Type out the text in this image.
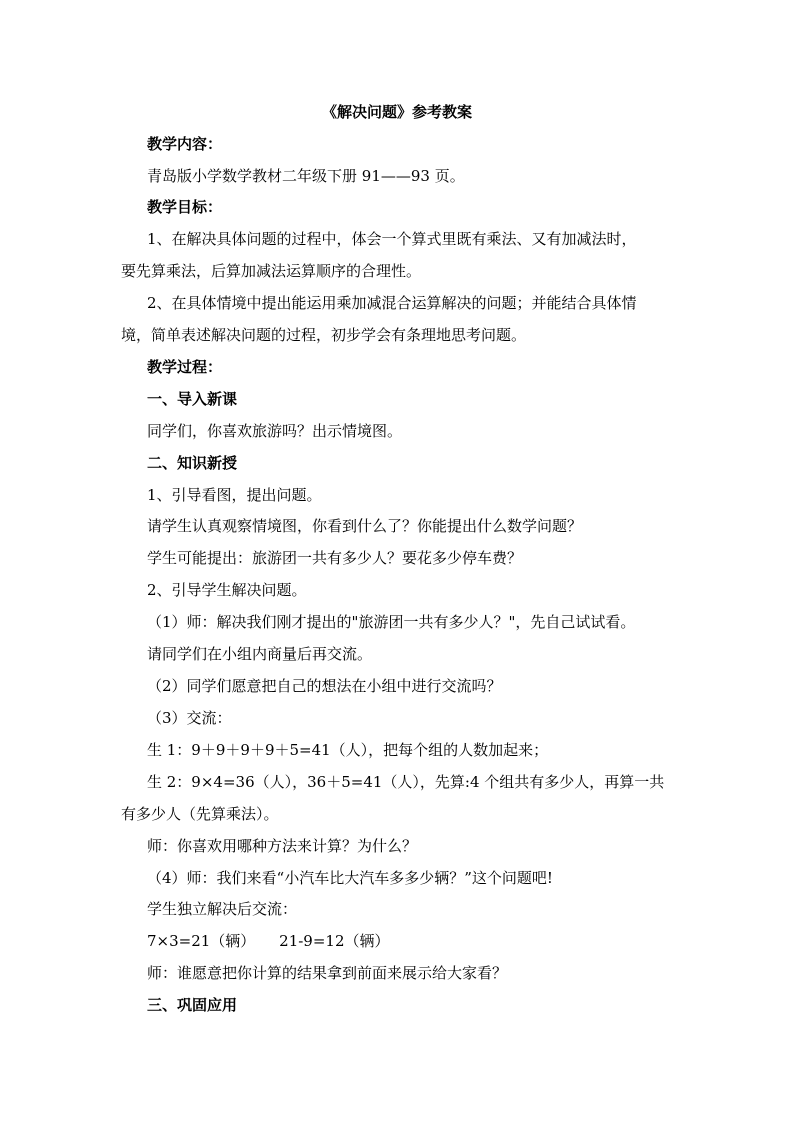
《解决问题》参考教案
教学内容：
青岛版小学数学教材二年级下册 91——93 页。
教学目标：
1、在解决具体问题的过程中，体会一个算式里既有乘法、又有加减法时，
要先算乘法，后算加减法运算顺序的合理性。
2、在具体情境中提出能运用乘加减混合运算解决的问题；并能结合具体情
境，简单表述解决问题的过程，初步学会有条理地思考问题。
教学过程：
一、导入新课
同学们，你喜欢旅游吗？出示情境图。
二、知识新授
1、引导看图，提出问题。
请学生认真观察情境图，你看到什么了？你能提出什么数学问题？
学生可能提出：旅游团一共有多少人？要花多少停车费？
2、引导学生解决问题。
（1）师：解决我们刚才提出的"旅游团一共有多少人？"，先自己试试看。
请同学们在小组内商量后再交流。
（2）同学们愿意把自己的想法在小组中进行交流吗？
（3）交流：
生 1：9＋9＋9＋9＋5=41（人），把每个组的人数加起来；
生 2：9×4=36（人），36＋5=41（人），先算:4 个组共有多少人，再算一共
有多少人（先算乘法）。
师：你喜欢用哪种方法来计算？为什么？
（4）师：我们来看“小汽车比大汽车多多少辆？”这个问题吧!
学生独立解决后交流：
7×3=21（辆）     21-9=12（辆）
师：谁愿意把你计算的结果拿到前面来展示给大家看？
三、巩固应用
